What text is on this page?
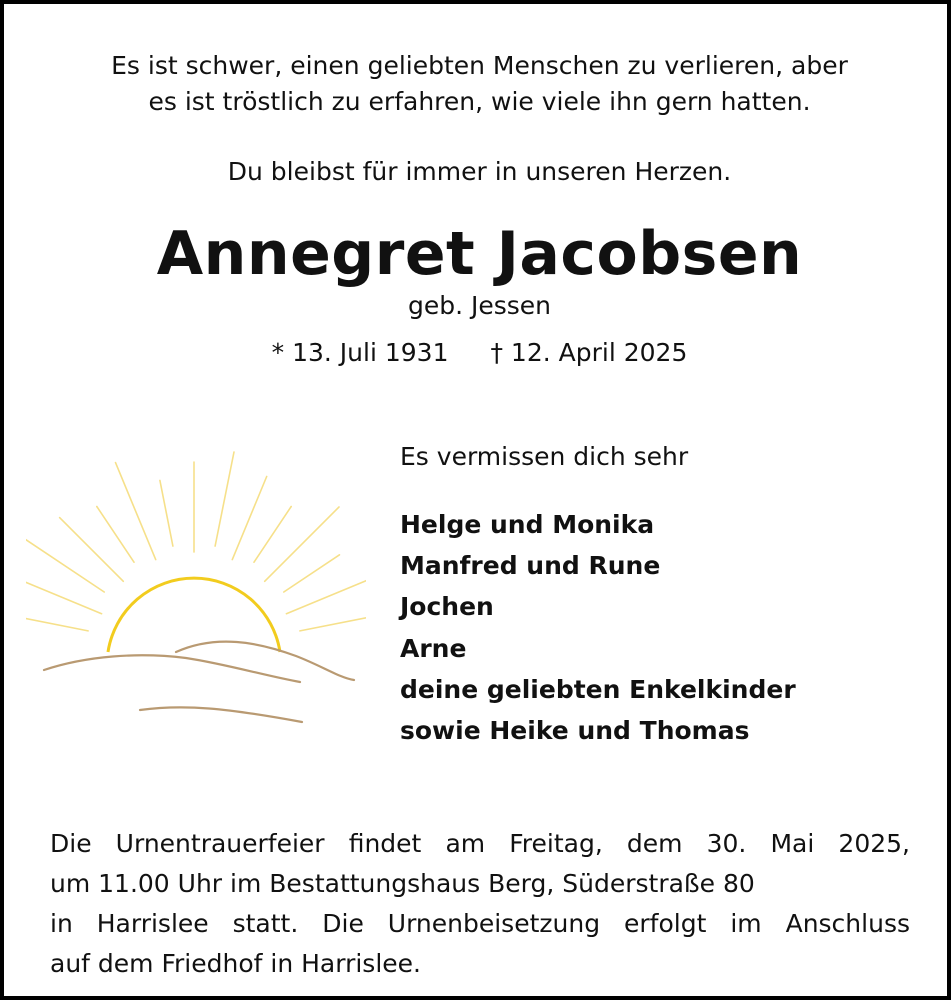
Es ist schwer, einen geliebten Menschen zu verlieren, aber
es ist tröstlich zu erfahren, wie viele ihn gern hatten.
Du bleibst für immer in unseren Herzen.
Annegret Jacobsen
geb. Jessen
* 13. Juli 1931 † 12. April 2025
Es vermissen dich sehr
Helge und Monika
Manfred und Rune
Jochen
Arne
deine geliebten Enkelkinder
sowie Heike und Thomas
Die Urnentrauerfeier findet am Freitag, dem 30. Mai 2025,
um 11.00 Uhr im Bestattungshaus Berg, Süderstraße 80
in Harrislee statt. Die Urnenbeisetzung erfolgt im Anschluss
auf dem Friedhof in Harrislee.
